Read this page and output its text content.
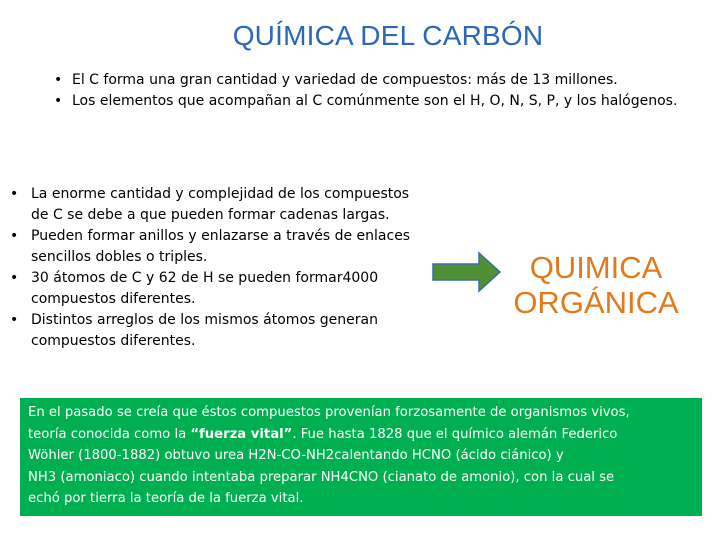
QUÍMICA DEL CARBÓN
• El C forma una gran cantidad y variedad de compuestos: más de 13 millones.
• Los elementos que acompañan al C comúnmente son el H, O, N, S, P, y los halógenos.
• La enorme cantidad y complejidad de los compuestos de C se debe a que pueden formar cadenas largas.
• Pueden formar anillos y enlazarse a través de enlaces sencillos dobles o triples.
• 30 átomos de C y 62 de H se pueden formar4000 compuestos diferentes.
• Distintos arreglos de los mismos átomos generan compuestos diferentes.
QUIMICA
ORGÁNICA
En el pasado se creía que éstos compuestos provenían forzosamente de organismos vivos,
teoría conocida como la “fuerza vital”. Fue hasta 1828 que el químico alemán Federico
Wöhler (1800-1882) obtuvo urea H2N-CO-NH2calentando HCNO (ácido ciánico) y
NH3 (amoniaco) cuando intentaba preparar NH4CNO (cianato de amonio), con la cual se
echó por tierra la teoría de la fuerza vital.
